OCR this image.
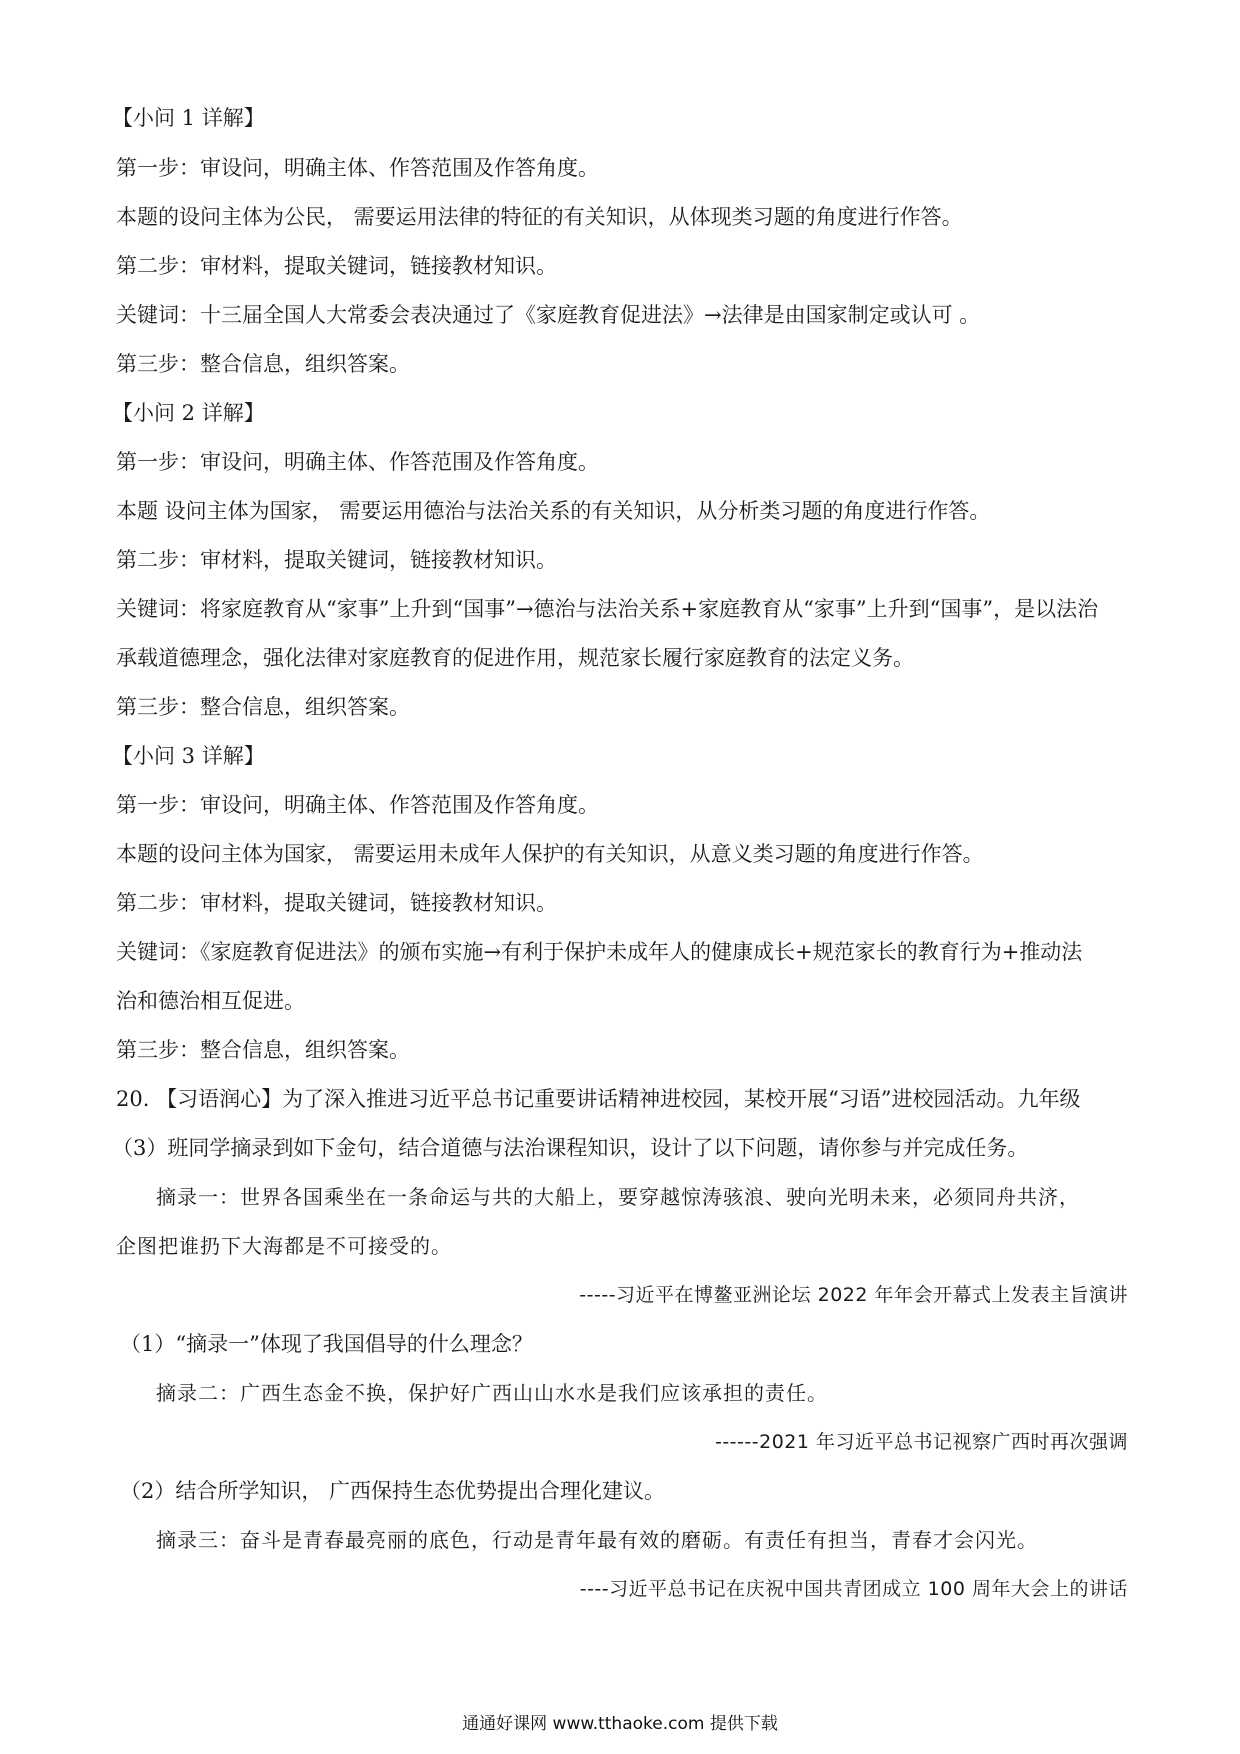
【小问 1 详解】
第一步：审设问，明确主体、作答范围及作答角度。
本题的设问主体为公民， 需要运用法律的特征的有关知识，从体现类习题的角度进行作答。
第二步：审材料，提取关键词，链接教材知识。
关键词：十三届全国人大常委会表决通过了《家庭教育促进法》→法律是由国家制定或认可 。
第三步：整合信息，组织答案。
【小问 2 详解】
第一步：审设问，明确主体、作答范围及作答角度。
本题 设问主体为国家， 需要运用德治与法治关系的有关知识，从分析类习题的角度进行作答。
第二步：审材料，提取关键词，链接教材知识。
关键词：将家庭教育从“家事”上升到“国事”→德治与法治关系+家庭教育从“家事”上升到“国事”，是以法治
承载道德理念，强化法律对家庭教育的促进作用，规范家长履行家庭教育的法定义务。
第三步：整合信息，组织答案。
【小问 3 详解】
第一步：审设问，明确主体、作答范围及作答角度。
本题的设问主体为国家， 需要运用未成年人保护的有关知识，从意义类习题的角度进行作答。
第二步：审材料，提取关键词，链接教材知识。
关键词：《家庭教育促进法》的颁布实施→有利于保护未成年人的健康成长+规范家长的教育行为+推动法
治和德治相互促进。
第三步：整合信息，组织答案。
20. 【习语润心】为了深入推进习近平总书记重要讲话精神进校园，某校开展“习语”进校园活动。九年级
（3）班同学摘录到如下金句，结合道德与法治课程知识，设计了以下问题，请你参与并完成任务。
摘录一：世界各国乘坐在一条命运与共的大船上，要穿越惊涛骇浪、驶向光明未来，必须同舟共济，
企图把谁扔下大海都是不可接受的。
-----习近平在博鳌亚洲论坛 2022 年年会开幕式上发表主旨演讲
（1）“摘录一”体现了我国倡导的什么理念？
摘录二：广西生态金不换，保护好广西山山水水是我们应该承担的责任。
------2021 年习近平总书记视察广西时再次强调
（2）结合所学知识， 广西保持生态优势提出合理化建议。
摘录三：奋斗是青春最亮丽的底色，行动是青年最有效的磨砺。有责任有担当，青春才会闪光。
----习近平总书记在庆祝中国共青团成立 100 周年大会上的讲话
通通好课网 www.tthaoke.com 提供下载
